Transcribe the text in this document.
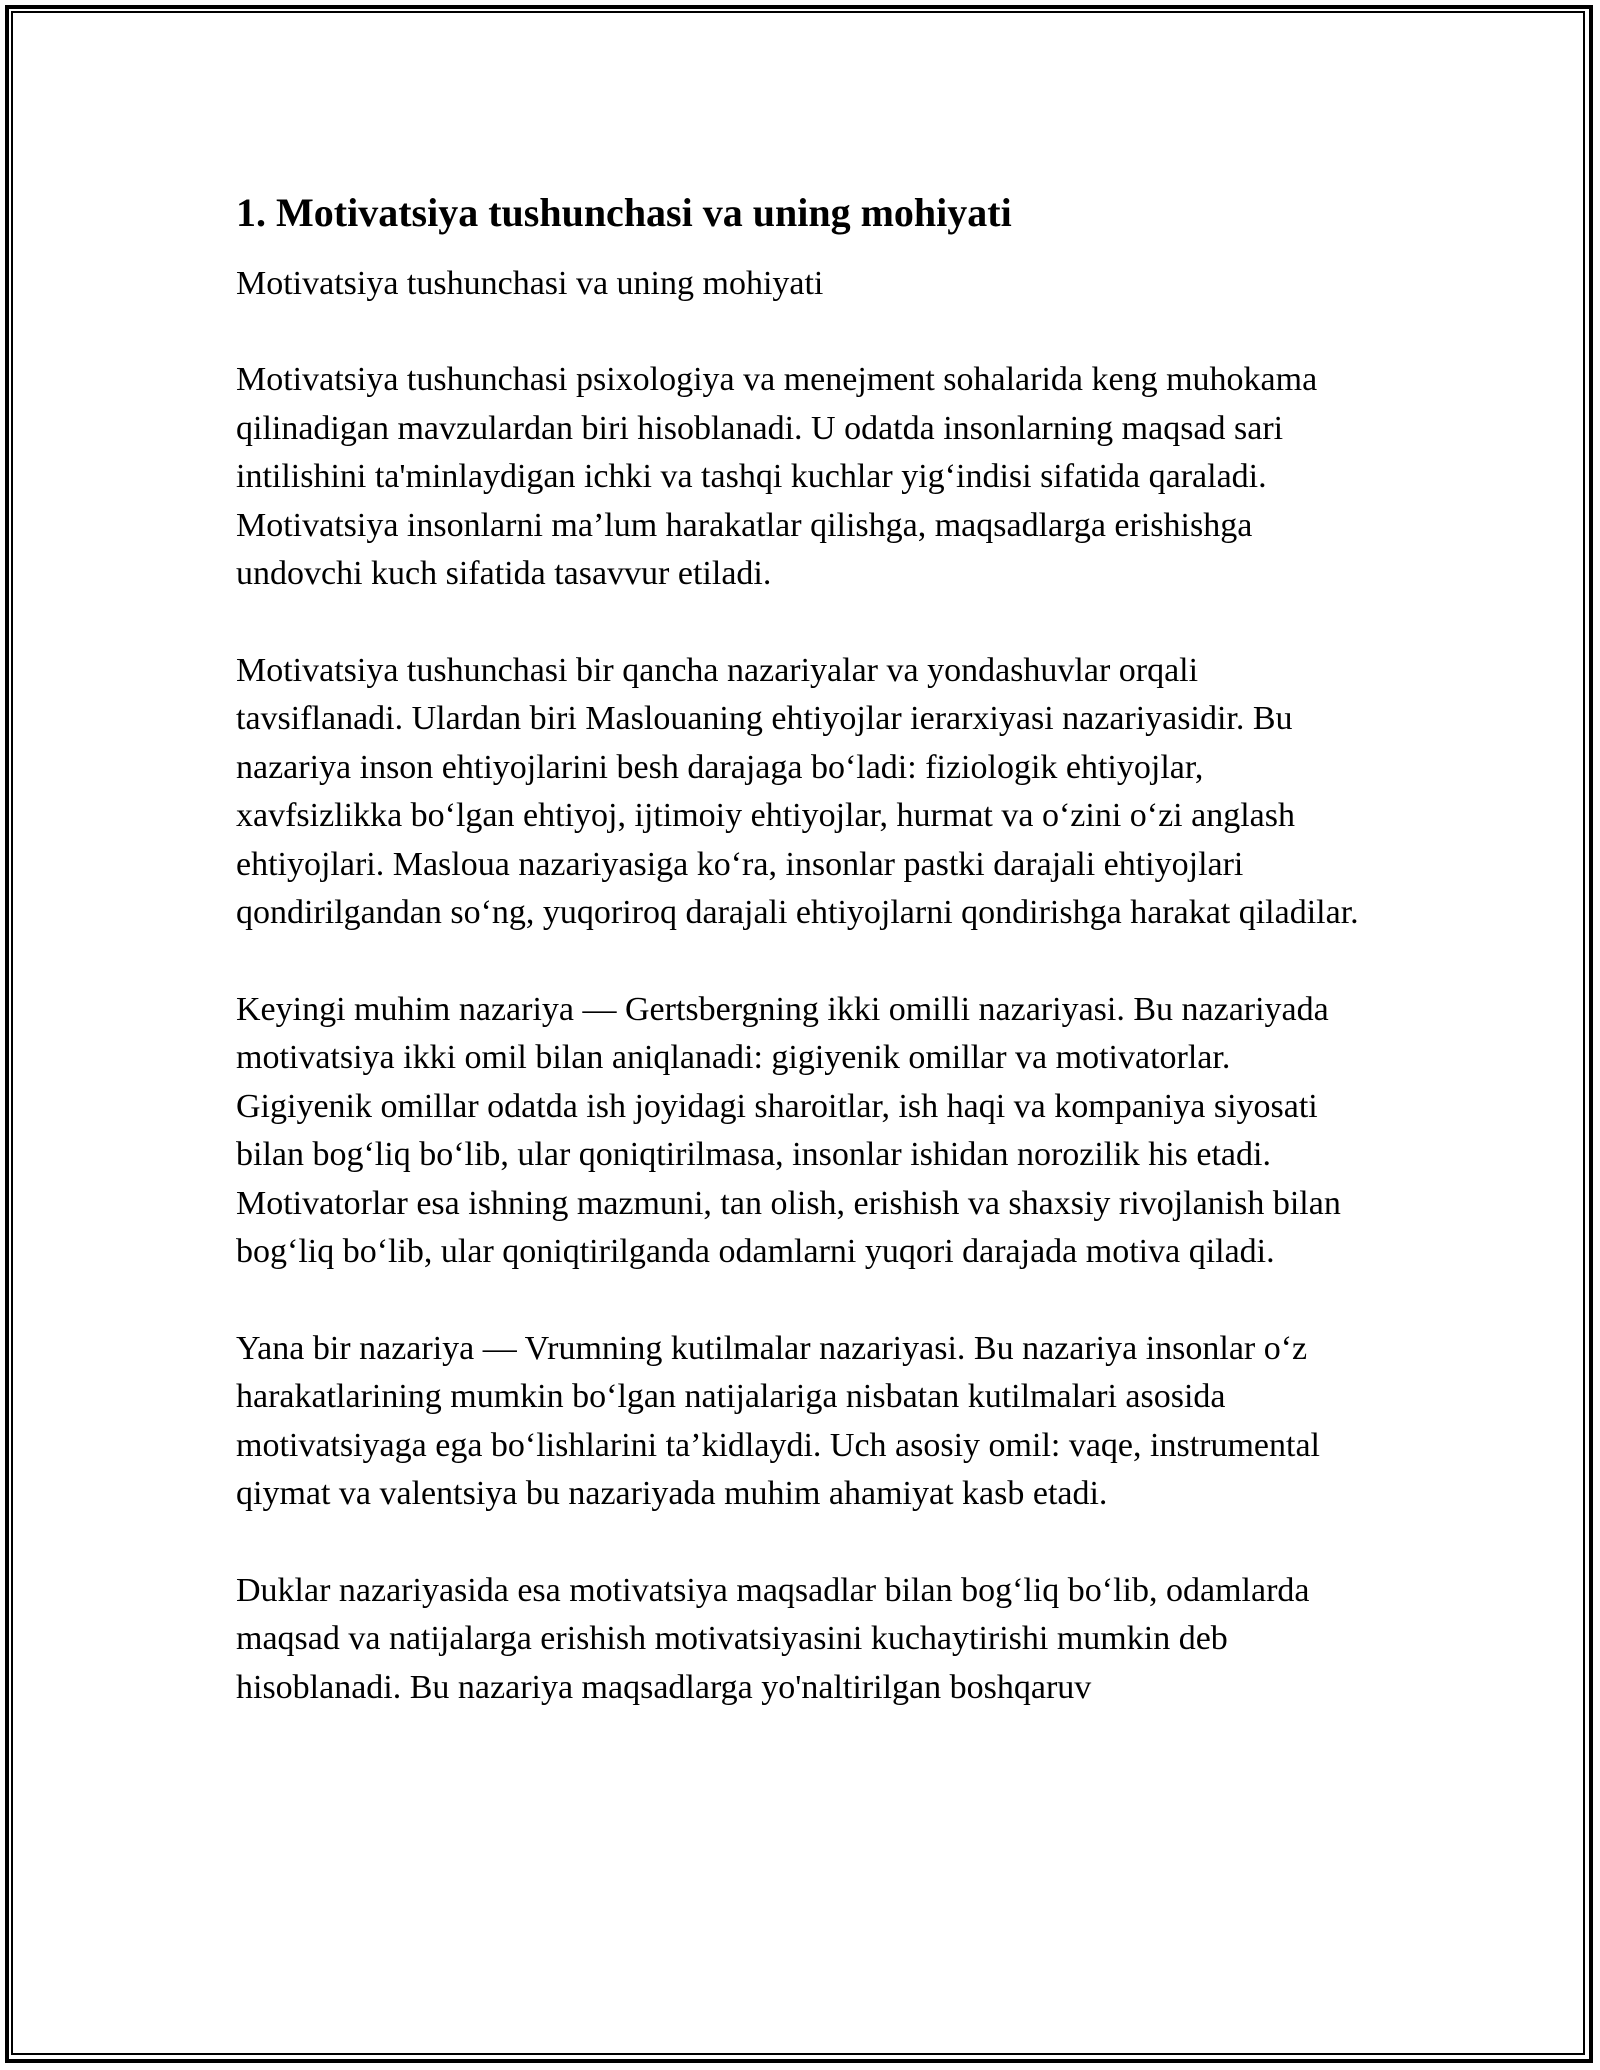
1. Motivatsiya tushunchasi va uning mohiyati

Motivatsiya tushunchasi va uning mohiyati

Motivatsiya tushunchasi psixologiya va menejment sohalarida keng muhokama qilinadigan mavzulardan biri hisoblanadi. U odatda insonlarning maqsad sari intilishini ta'minlaydigan ichki va tashqi kuchlar yig‘indisi sifatida qaraladi. Motivatsiya insonlarni ma’lum harakatlar qilishga, maqsadlarga erishishga undovchi kuch sifatida tasavvur etiladi.

Motivatsiya tushunchasi bir qancha nazariyalar va yondashuvlar orqali tavsiflanadi. Ulardan biri Maslouaning ehtiyojlar ierarxiyasi nazariyasidir. Bu nazariya inson ehtiyojlarini besh darajaga bo‘ladi: fiziologik ehtiyojlar, xavfsizlikka bo‘lgan ehtiyoj, ijtimoiy ehtiyojlar, hurmat va o‘zini o‘zi anglash ehtiyojlari. Masloua nazariyasiga ko‘ra, insonlar pastki darajali ehtiyojlari qondirilgandan so‘ng, yuqoriroq darajali ehtiyojlarni qondirishga harakat qiladilar.

Keyingi muhim nazariya — Gertsbergning ikki omilli nazariyasi. Bu nazariyada motivatsiya ikki omil bilan aniqlanadi: gigiyenik omillar va motivatorlar. Gigiyenik omillar odatda ish joyidagi sharoitlar, ish haqi va kompaniya siyosati bilan bog‘liq bo‘lib, ular qoniqtirilmasa, insonlar ishidan norozilik his etadi. Motivatorlar esa ishning mazmuni, tan olish, erishish va shaxsiy rivojlanish bilan bog‘liq bo‘lib, ular qoniqtirilganda odamlarni yuqori darajada motiva qiladi.

Yana bir nazariya — Vrumning kutilmalar nazariyasi. Bu nazariya insonlar o‘z harakatlarining mumkin bo‘lgan natijalariga nisbatan kutilmalari asosida motivatsiyaga ega bo‘lishlarini ta’kidlaydi. Uch asosiy omil: vaqe, instrumental qiymat va valentsiya bu nazariyada muhim ahamiyat kasb etadi.

Duklar nazariyasida esa motivatsiya maqsadlar bilan bog‘liq bo‘lib, odamlarda maqsad va natijalarga erishish motivatsiyasini kuchaytirishi mumkin deb hisoblanadi. Bu nazariya maqsadlarga yo'naltirilgan boshqaruv
